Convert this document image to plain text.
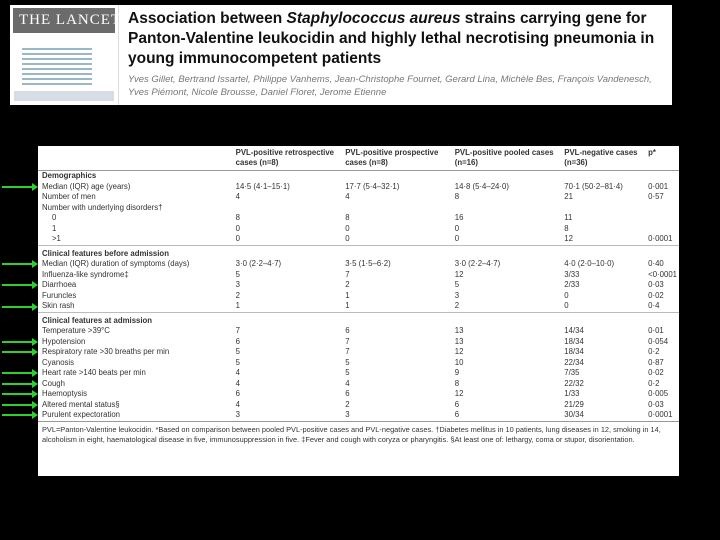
THE LANCET Association between Staphylococcus aureus strains carrying gene for Panton-Valentine leukocidin and highly lethal necrotising pneumonia in young immunocompetent patients
Yves Gillet, Bertrand Issartel, Philippe Vanhems, Jean-Christophe Fournet, Gerard Lina, Michèle Bes, François Vandenesch, Yves Piémont, Nicole Brousse, Daniel Floret, Jerome Etienne
	PVL-positive retrospective cases (n=8)	PVL-positive prospective cases (n=8)	PVL-positive pooled cases (n=16)	PVL-negative cases (n=36)	p*
Demographics					
Median (IQR) age (years)	14·5 (4·1–15·1)	17·7 (5·4–32·1)	14·8 (5·4–24·0)	70·1 (50·2–81·4)	0·001
Number of men	4	4	8	21	0·57
Number with underlying disorders†					
0	8	8	16	11	
1	0	0	0	8	
>1	0	0	0	12	0·0001
Clinical features before admission					
Median (IQR) duration of symptoms (days)	3·0 (2·2–4·7)	3·5 (1·5–6·2)	3·0 (2·2–4·7)	4·0 (2·0–10·0)	0·40
Influenza-like syndrome‡	5	7	12	3/33	<0·0001
Diarrhoea	3	2	5	2/33	0·03
Furuncles	2	1	3	0	0·02
Skin rash	1	1	2	0	0·4
Clinical features at admission					
Temperature >39°C	7	6	13	14/34	0·01
Hypotension	6	7	13	18/34	0·054
Respiratory rate >30 breaths per min	5	7	12	18/34	0·2
Cyanosis	5	5	10	22/34	0·87
Heart rate >140 beats per min	4	5	9	7/35	0·02
Cough	4	4	8	22/32	0·2
Haemoptysis	6	6	12	1/33	0·005
Altered mental status§	4	2	6	21/29	0·03
Purulent expectoration	3	3	6	30/34	0·0001
PVL=Panton-Valentine leukocidin. *Based on comparison between pooled PVL-positive cases and PVL-negative cases. †Diabetes mellitus in 10 patients, lung diseases in 12, smoking in 14, alcoholism in eight, haematological disease in five, immunosuppression in five. ‡Fever and cough with coryza or pharyngitis. §At least one of: lethargy, coma or stupor, disorientation.
